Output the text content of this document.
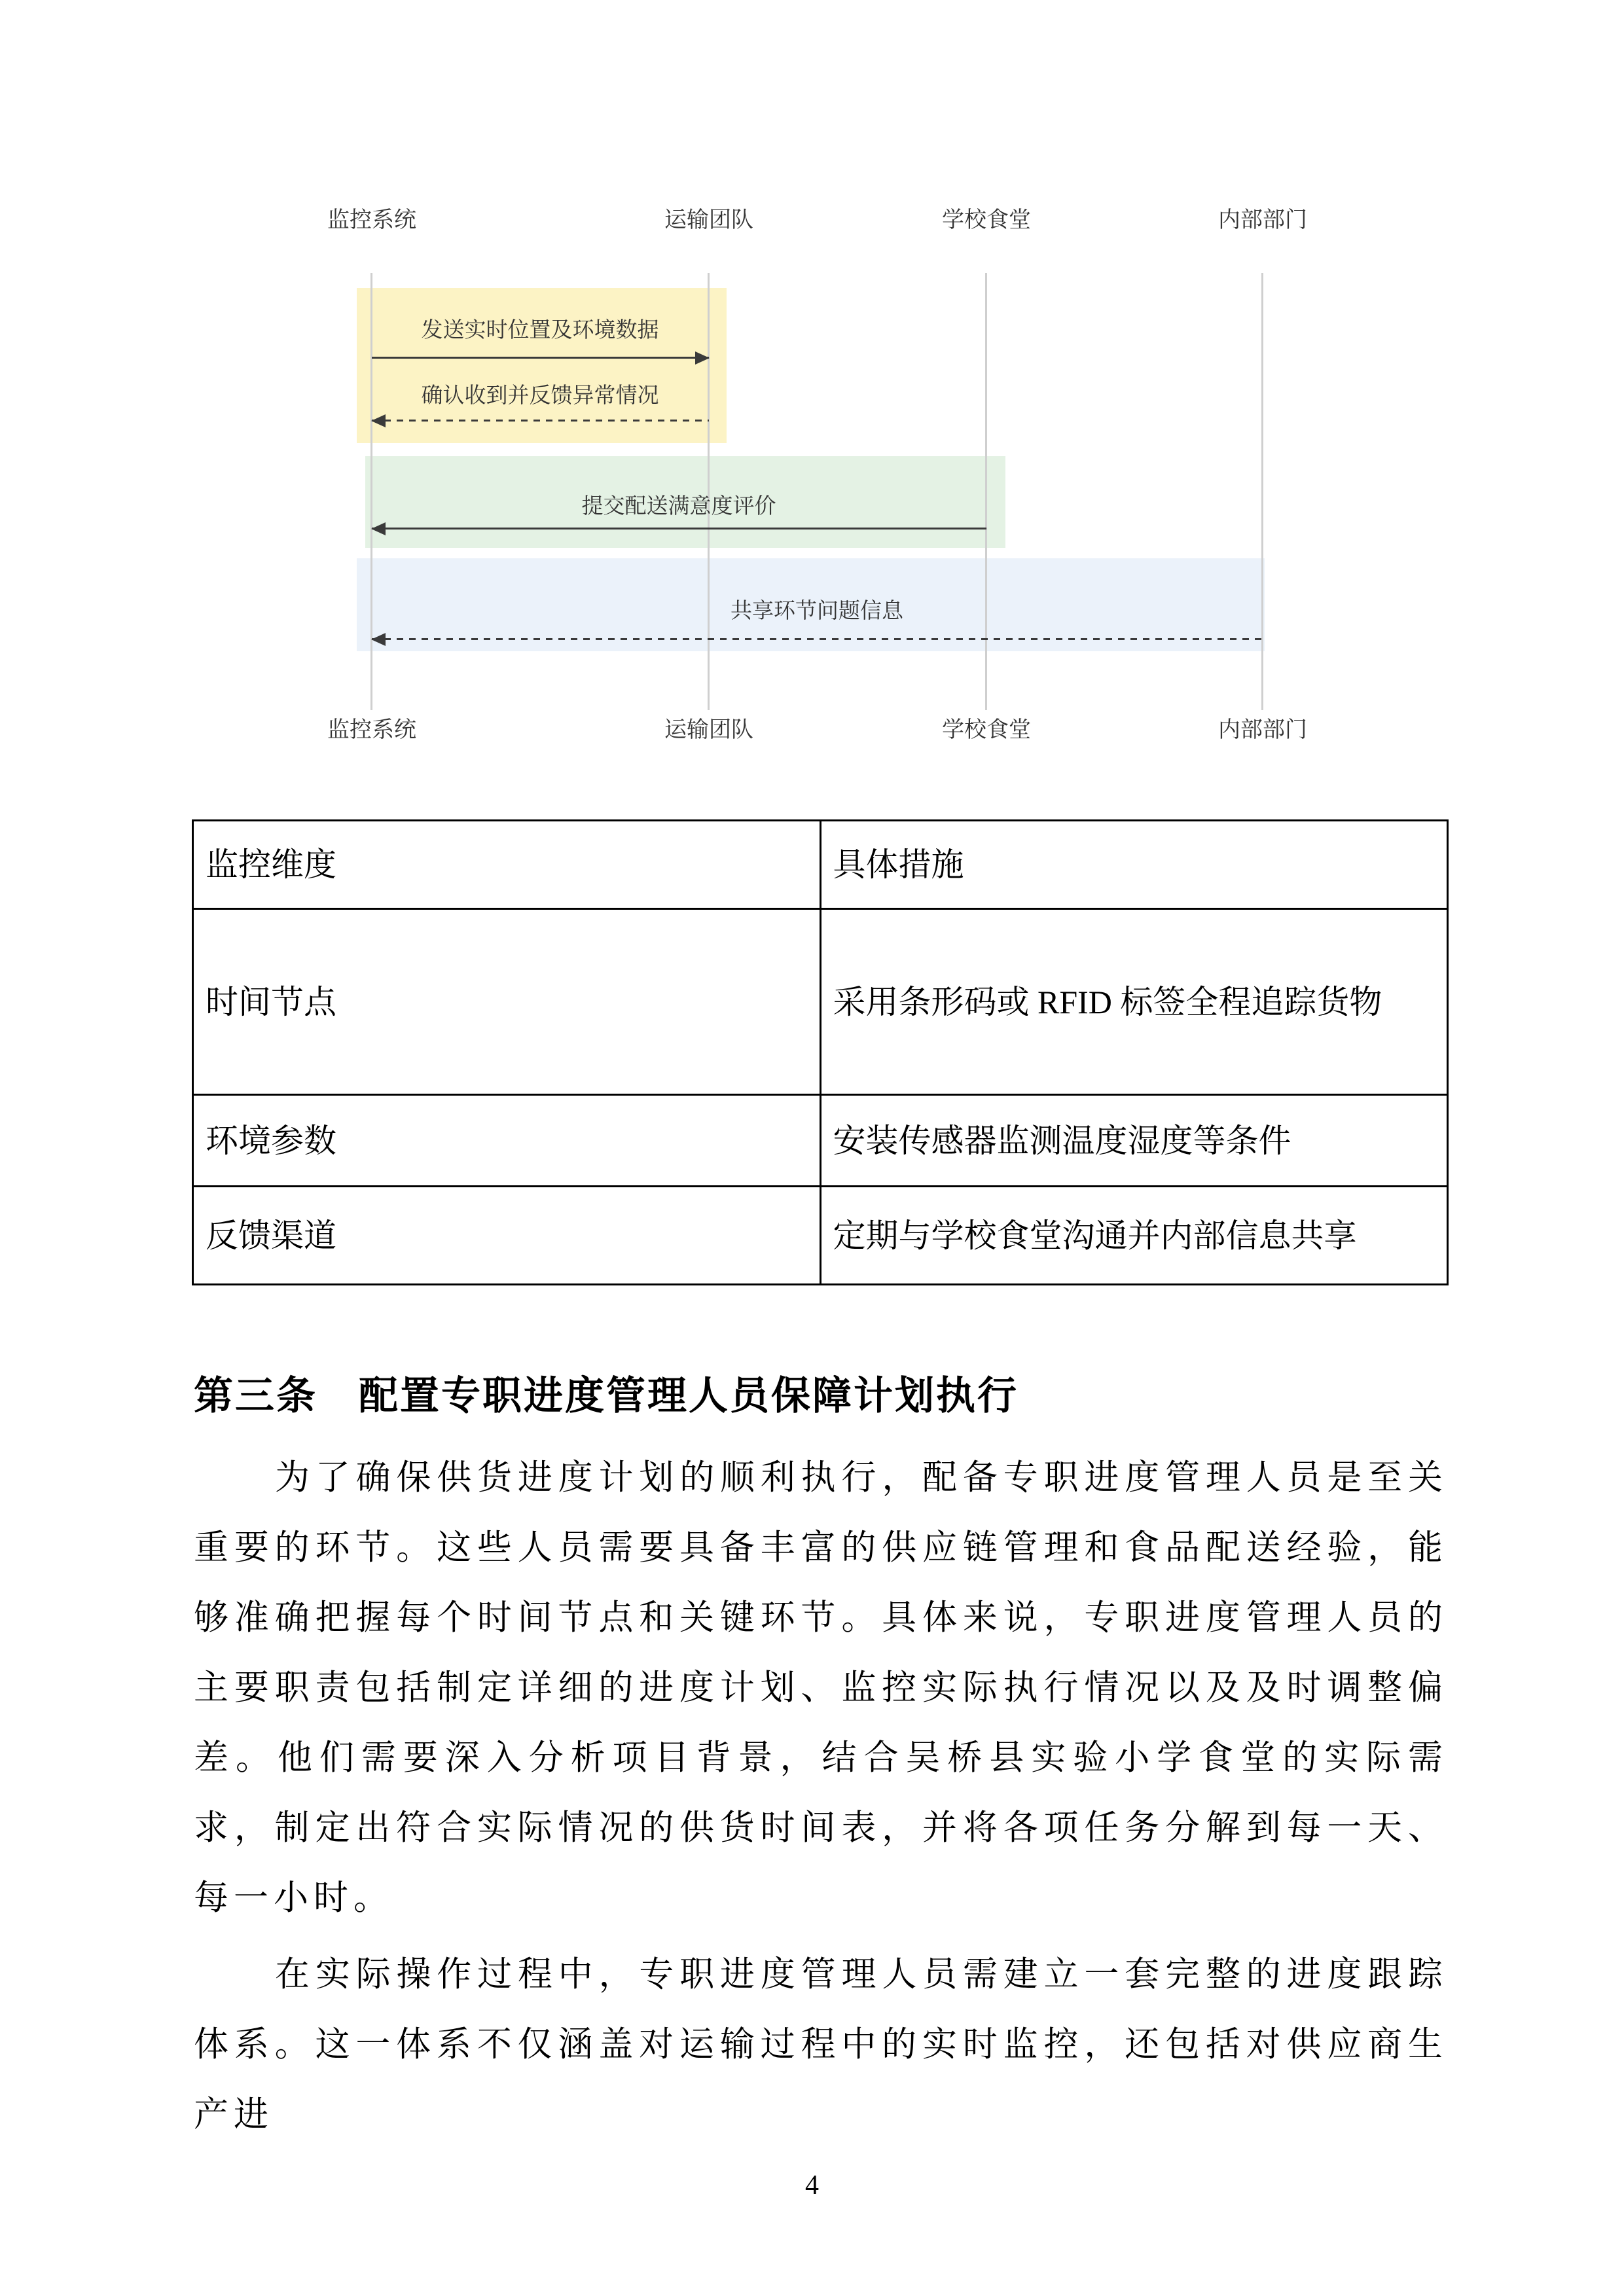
监控系统	运输团队	学校食堂	内部部门
发送实时位置及环境数据
确认收到并反馈异常情况
提交配送满意度评价
共享环节问题信息
监控系统	运输团队	学校食堂	内部部门
监控维度	具体措施
时间节点	采用条形码或 RFID 标签全程追踪货物
环境参数	安装传感器监测温度湿度等条件
反馈渠道	定期与学校食堂沟通并内部信息共享
第三条　配置专职进度管理人员保障计划执行

为了确保供货进度计划的顺利执行，配备专职进度管理人员是至关重要的环节。这些人员需要具备丰富的供应链管理和食品配送经验，能够准确把握每个时间节点和关键环节。具体来说，专职进度管理人员的主要职责包括制定详细的进度计划、监控实际执行情况以及及时调整偏差。他们需要深入分析项目背景，结合吴桥县实验小学食堂的实际需求，制定出符合实际情况的供货时间表，并将各项任务分解到每一天、每一小时。

在实际操作过程中，专职进度管理人员需建立一套完整的进度跟踪体系。这一体系不仅涵盖对运输过程中的实时监控，还包括对供应商生产进

4
